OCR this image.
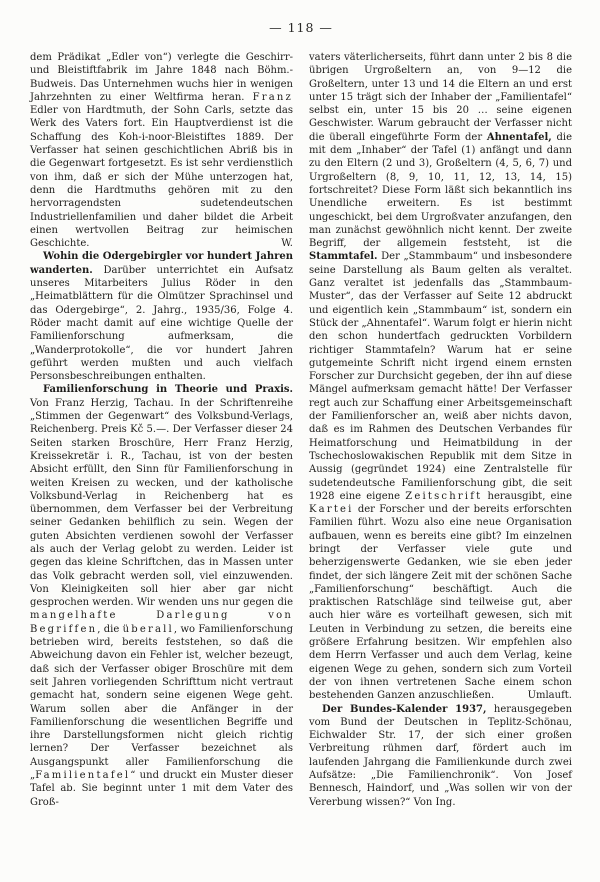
— 118 —

dem Prädikat „Edler von“) verlegte die Geschirr- und Bleistiftfabrik im Jahre 1848 nach Böhm.-Budweis. Das Unternehmen wuchs hier in wenigen Jahrzehnten zu einer Weltfirma heran. Franz Edler von Hardtmuth, der Sohn Carls, setzte das Werk des Vaters fort. Ein Hauptverdienst ist die Schaffung des Koh-i-noor-Bleistiftes 1889. Der Verfasser hat seinen geschichtlichen Abriß bis in die Gegenwart fortgesetzt. Es ist sehr verdienstlich von ihm, daß er sich der Mühe unterzogen hat, denn die Hardtmuths gehören mit zu den hervorragendsten sudetendeutschen Industriellenfamilien und daher bildet die Arbeit einen wertvollen Beitrag zur heimischen Geschichte.	W.

Wohin die Odergebirgler vor hundert Jahren wanderten. Darüber unterrichtet ein Aufsatz unseres Mitarbeiters Julius Röder in den „Heimatblättern für die Olmützer Sprachinsel und das Odergebirge“, 2. Jahrg., 1935/36, Folge 4. Röder macht damit auf eine wichtige Quelle der Familienforschung aufmerksam, die „Wanderprotokolle“, die vor hundert Jahren geführt werden mußten und auch vielfach Personsbeschreibungen enthalten.

Familienforschung in Theorie und Praxis. Von Franz Herzig, Tachau. In der Schriftenreihe „Stimmen der Gegenwart“ des Volksbund-Verlags, Reichenberg. Preis Kč 5.—. Der Verfasser dieser 24 Seiten starken Broschüre, Herr Franz Herzig, Kreissekretär i. R., Tachau, ist von der besten Absicht erfüllt, den Sinn für Familienforschung in weiten Kreisen zu wecken, und der katholische Volksbund-Verlag in Reichenberg hat es übernommen, dem Verfasser bei der Verbreitung seiner Gedanken behilflich zu sein. Wegen der guten Absichten verdienen sowohl der Verfasser als auch der Verlag gelobt zu werden. Leider ist gegen das kleine Schriftchen, das in Massen unter das Volk gebracht werden soll, viel einzuwenden. Von Kleinigkeiten soll hier aber gar nicht gesprochen werden. Wir wenden uns nur gegen die mangelhafte Darlegung von Begriffen, die überall, wo Familienforschung betrieben wird, bereits feststehen, so daß die Abweichung davon ein Fehler ist, welcher bezeugt, daß sich der Verfasser obiger Broschüre mit dem seit Jahren vorliegenden Schrifttum nicht vertraut gemacht hat, sondern seine eigenen Wege geht. Warum sollen aber die Anfänger in der Familienforschung die wesentlichen Begriffe und ihre Darstellungsformen nicht gleich richtig lernen? Der Verfasser bezeichnet als Ausgangspunkt aller Familienforschung die „Familientafel“ und druckt ein Muster dieser Tafel ab. Sie beginnt unter 1 mit dem Vater des Groß-

vaters väterlicherseits, führt dann unter 2 bis 8 die übrigen Urgroßeltern an, von 9—12 die Großeltern, unter 13 und 14 die Eltern an und erst unter 15 trägt sich der Inhaber der „Familientafel“ selbst ein, unter 15 bis 20 … seine eigenen Geschwister. Warum gebraucht der Verfasser nicht die überall eingeführte Form der Ahnentafel, die mit dem „Inhaber“ der Tafel (1) anfängt und dann zu den Eltern (2 und 3), Großeltern (4, 5, 6, 7) und Urgroßeltern (8, 9, 10, 11, 12, 13, 14, 15) fortschreitet? Diese Form läßt sich bekanntlich ins Unendliche erweitern. Es ist bestimmt ungeschickt, bei dem Urgroßvater anzufangen, den man zunächst gewöhnlich nicht kennt. Der zweite Begriff, der allgemein feststeht, ist die Stammtafel. Der „Stammbaum“ und insbesondere seine Darstellung als Baum gelten als veraltet. Ganz veraltet ist jedenfalls das „Stammbaum-Muster“, das der Verfasser auf Seite 12 abdruckt und eigentlich kein „Stammbaum“ ist, sondern ein Stück der „Ahnentafel“. Warum folgt er hierin nicht den schon hundertfach gedruckten Vorbildern richtiger Stammtafeln? Warum hat er seine gutgemeinte Schrift nicht irgend einem ernsten Forscher zur Durchsicht gegeben, der ihn auf diese Mängel aufmerksam gemacht hätte! Der Verfasser regt auch zur Schaffung einer Arbeitsgemeinschaft der Familienforscher an, weiß aber nichts davon, daß es im Rahmen des Deutschen Verbandes für Heimatforschung und Heimatbildung in der Tschechoslowakischen Republik mit dem Sitze in Aussig (gegründet 1924) eine Zentralstelle für sudetendeutsche Familienforschung gibt, die seit 1928 eine eigene Zeitschrift herausgibt, eine Kartei der Forscher und der bereits erforschten Familien führt. Wozu also eine neue Organisation aufbauen, wenn es bereits eine gibt? Im einzelnen bringt der Verfasser viele gute und beherzigenswerte Gedanken, wie sie eben jeder findet, der sich längere Zeit mit der schönen Sache „Familienforschung“ beschäftigt. Auch die praktischen Ratschläge sind teilweise gut, aber auch hier wäre es vorteilhaft gewesen, sich mit Leuten in Verbindung zu setzen, die bereits eine größere Erfahrung besitzen. Wir empfehlen also dem Herrn Verfasser und auch dem Verlag, keine eigenen Wege zu gehen, sondern sich zum Vorteil der von ihnen vertretenen Sache einem schon bestehenden Ganzen anzuschließen.	Umlauft.

Der Bundes-Kalender 1937, herausgegeben vom Bund der Deutschen in Teplitz-Schönau, Eichwalder Str. 17, der sich einer großen Verbreitung rühmen darf, fördert auch im laufenden Jahrgang die Familienkunde durch zwei Aufsätze: „Die Familienchronik“. Von Josef Bennesch, Haindorf, und „Was sollen wir von der Vererbung wissen?“ Von Ing.
